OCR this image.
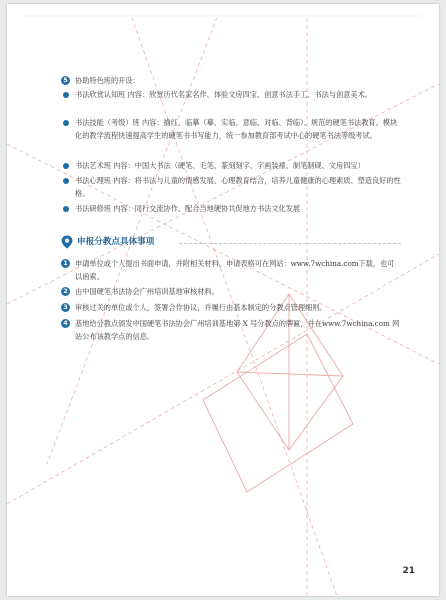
5	协助特色班的开设：
书法欣赏认知班 内容：欣赏历代名家名作、体验文房四宝、创意书法手工、书法与创意美术。
书法技能（考级）班 内容：描红、临摹（摹、实临、意临、对临、背临）、规范的硬笔书法教育。模块化的教学流程快速提高学生的硬笔书书写能力，统一参加教育部考试中心的硬笔书法等级考试。
书法艺术班 内容：中国大书法（硬笔、毛笔、篆刻刻字、字画装裱、制笔制砚、文房四宝）
书法心理班 内容：将书法与儿童的情感发展、心理教育结合，培养儿童健康的心理素质、塑造良好的性格。
书法研修班 内容：同行交流协作、配合当地硬协共促地方书法文化发展
申报分教点具体事项
1	申请单位或个人提出书面申请，并附相关材料，申请表格可在网站：www.7wchina.com下载，也可以函索。
2	由中国硬笔书法协会广州培训基地审核材料。
3	审核过关的单位或个人，签署合作协议，并履行由基本制定的分教点管理细则。
4	基地给分教点颁发中国硬笔书法协会广州培训基地第 X 号分教点的牌匾，并在www.7wchina.com 网站公布该教学点的信息。
21
